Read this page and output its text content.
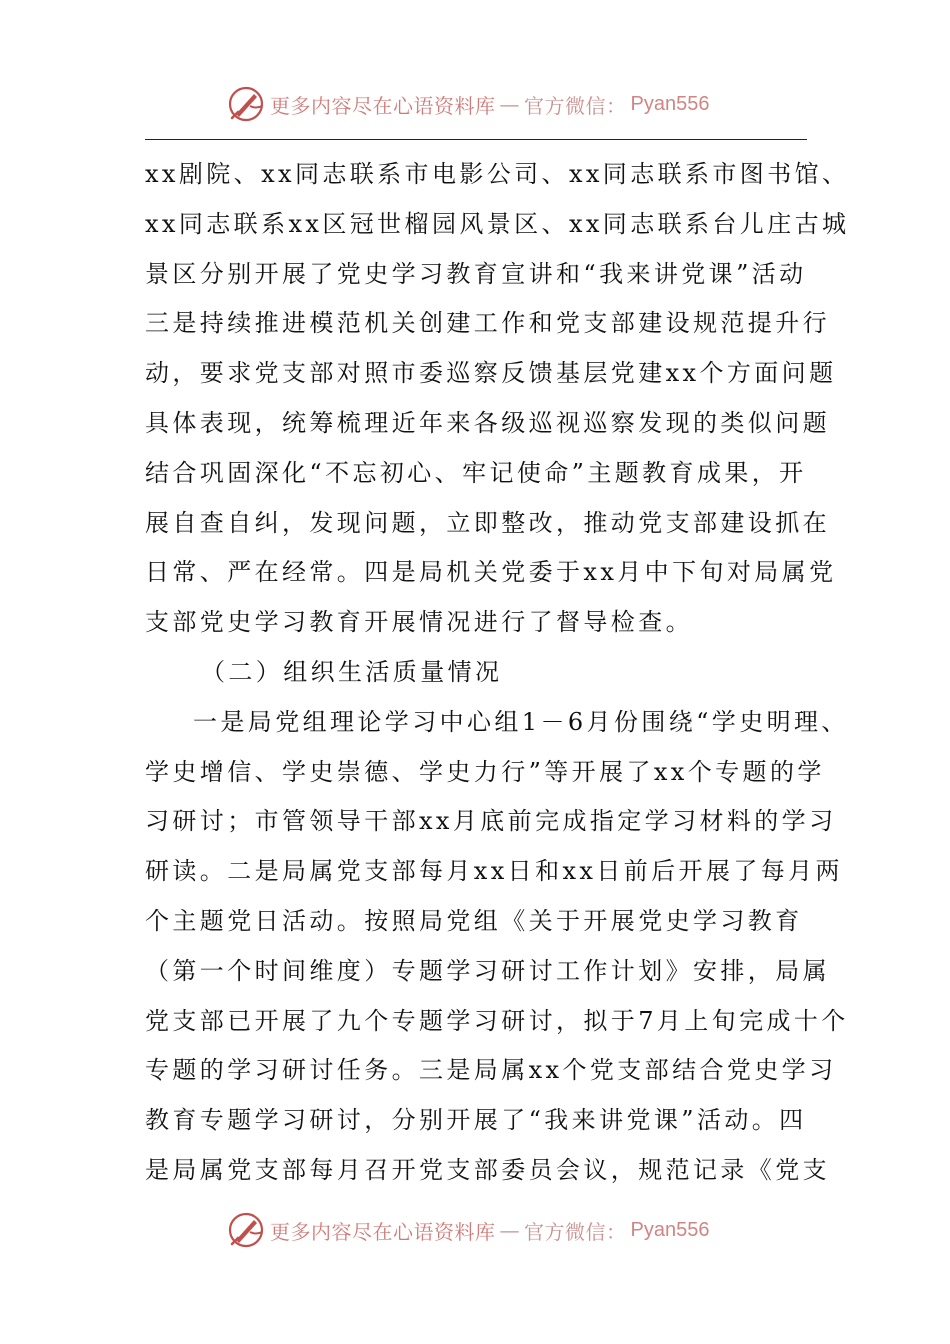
更多内容尽在心语资料库 — 官方微信： Pyan556
xx剧院、xx同志联系市电影公司、xx同志联系市图书馆、
xx同志联系xx区冠世榴园风景区、xx同志联系台儿庄古城
景区分别开展了党史学习教育宣讲和“我来讲党课”活动
三是持续推进模范机关创建工作和党支部建设规范提升行
动，要求党支部对照市委巡察反馈基层党建xx个方面问题
具体表现，统筹梳理近年来各级巡视巡察发现的类似问题
结合巩固深化“不忘初心、牢记使命”主题教育成果，开
展自查自纠，发现问题，立即整改，推动党支部建设抓在
日常、严在经常。四是局机关党委于xx月中下旬对局属党
支部党史学习教育开展情况进行了督导检查。
（二）组织生活质量情况
一是局党组理论学习中心组1－6月份围绕“学史明理、
学史增信、学史崇德、学史力行”等开展了xx个专题的学
习研讨；市管领导干部xx月底前完成指定学习材料的学习
研读。二是局属党支部每月xx日和xx日前后开展了每月两
个主题党日活动。按照局党组《关于开展党史学习教育
（第一个时间维度）专题学习研讨工作计划》安排，局属
党支部已开展了九个专题学习研讨，拟于7月上旬完成十个
专题的学习研讨任务。三是局属xx个党支部结合党史学习
教育专题学习研讨，分别开展了“我来讲党课”活动。四
是局属党支部每月召开党支部委员会议，规范记录《党支
更多内容尽在心语资料库 — 官方微信： Pyan556
